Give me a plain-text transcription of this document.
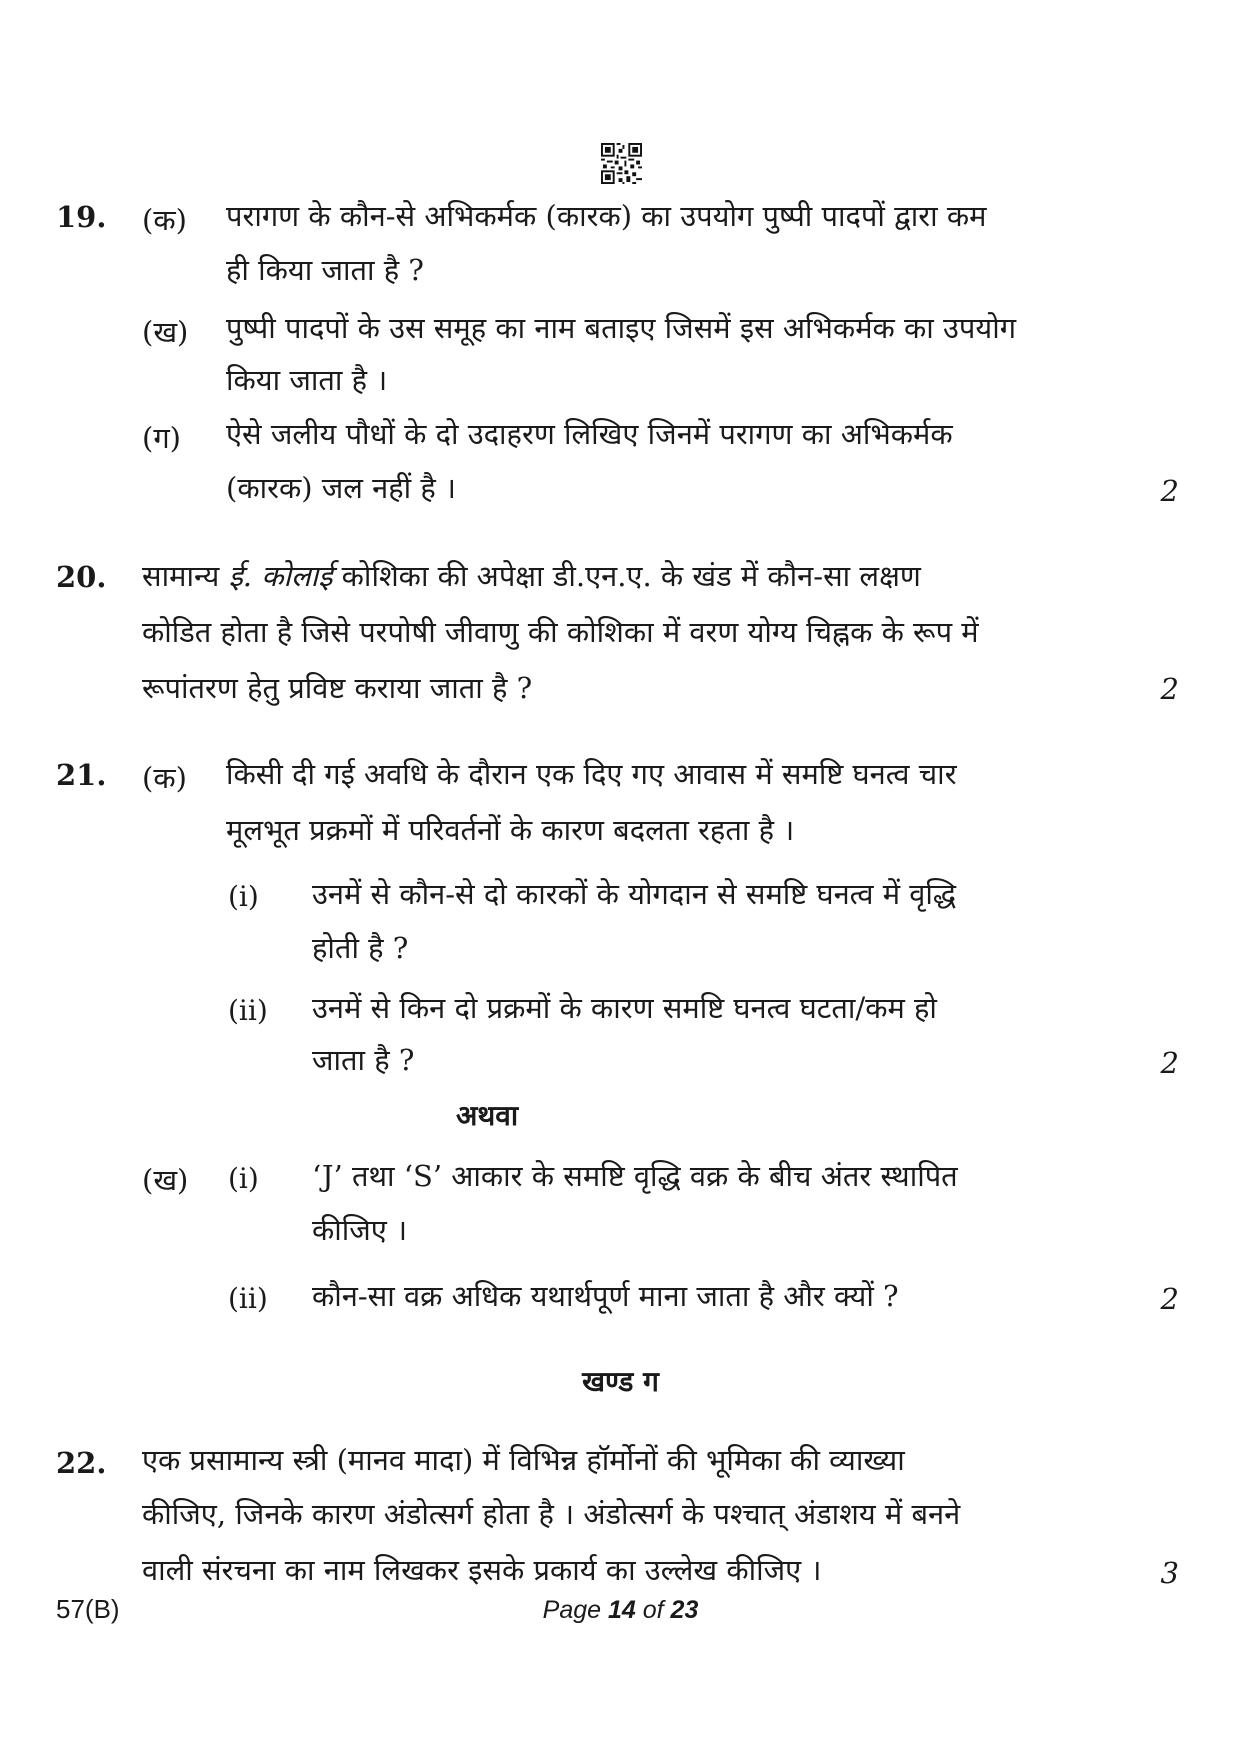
19. (क) परागण के कौन-से अभिकर्मक (कारक) का उपयोग पुष्पी पादपों द्वारा कम
ही किया जाता है ?
(ख) पुष्पी पादपों के उस समूह का नाम बताइए जिसमें इस अभिकर्मक का उपयोग
किया जाता है ।
(ग) ऐसे जलीय पौधों के दो उदाहरण लिखिए जिनमें परागण का अभिकर्मक
(कारक) जल नहीं है ।	2
20. सामान्य ई. कोलाई कोशिका की अपेक्षा डी.एन.ए. के खंड में कौन-सा लक्षण
कोडित होता है जिसे परपोषी जीवाणु की कोशिका में वरण योग्य चिह्नक के रूप में
रूपांतरण हेतु प्रविष्ट कराया जाता है ?	2
21. (क) किसी दी गई अवधि के दौरान एक दिए गए आवास में समष्टि घनत्व चार
मूलभूत प्रक्रमों में परिवर्तनों के कारण बदलता रहता है ।
(i) उनमें से कौन-से दो कारकों के योगदान से समष्टि घनत्व में वृद्धि
होती है ?
(ii) उनमें से किन दो प्रक्रमों के कारण समष्टि घनत्व घटता/कम हो
जाता है ?	2
अथवा
(ख) (i) ‘J’ तथा ‘S’ आकार के समष्टि वृद्धि वक्र के बीच अंतर स्थापित
कीजिए ।
(ii) कौन-सा वक्र अधिक यथार्थपूर्ण माना जाता है और क्यों ?	2
खण्ड ग
22. एक प्रसामान्य स्त्री (मानव मादा) में विभिन्न हॉर्मोनों की भूमिका की व्याख्या
कीजिए, जिनके कारण अंडोत्सर्ग होता है । अंडोत्सर्ग के पश्चात् अंडाशय में बनने
वाली संरचना का नाम लिखकर इसके प्रकार्य का उल्लेख कीजिए ।	3
57(B)	Page 14 of 23
